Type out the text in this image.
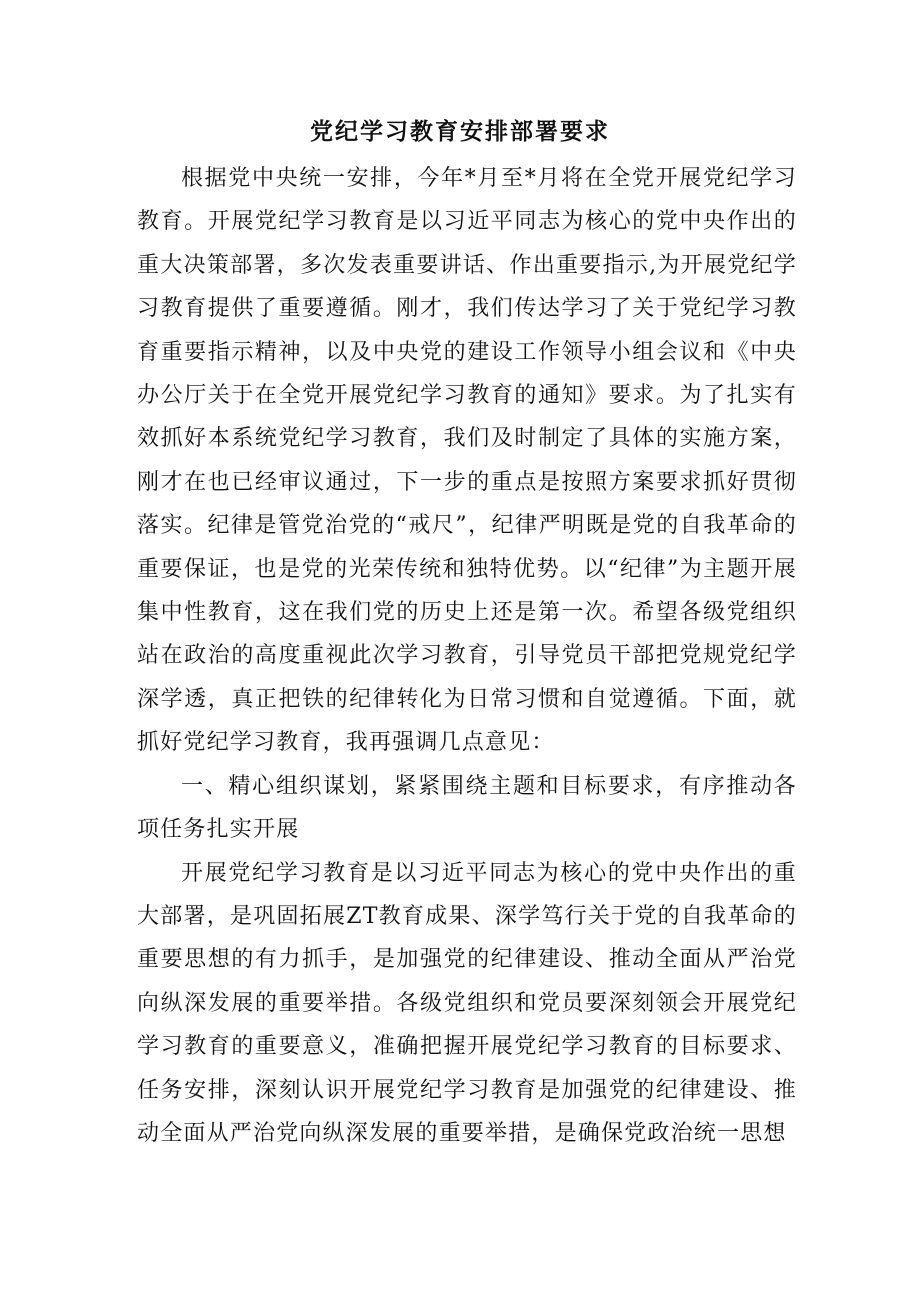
党纪学习教育安排部署要求

根据党中央统一安排，今年*月至*月将在全党开展党纪学习教育。开展党纪学习教育是以习近平同志为核心的党中央作出的重大决策部署，多次发表重要讲话、作出重要指示,为开展党纪学习教育提供了重要遵循。刚才，我们传达学习了关于党纪学习教育重要指示精神，以及中央党的建设工作领导小组会议和《中央办公厅关于在全党开展党纪学习教育的通知》要求。为了扎实有效抓好本系统党纪学习教育，我们及时制定了具体的实施方案，刚才在也已经审议通过，下一步的重点是按照方案要求抓好贯彻落实。纪律是管党治党的“戒尺”，纪律严明既是党的自我革命的重要保证，也是党的光荣传统和独特优势。以“纪律”为主题开展集中性教育，这在我们党的历史上还是第一次。希望各级党组织站在政治的高度重视此次学习教育，引导党员干部把党规党纪学深学透，真正把铁的纪律转化为日常习惯和自觉遵循。下面，就抓好党纪学习教育，我再强调几点意见：

一、精心组织谋划，紧紧围绕主题和目标要求，有序推动各项任务扎实开展

开展党纪学习教育是以习近平同志为核心的党中央作出的重大部署，是巩固拓展ZT教育成果、深学笃行关于党的自我革命的重要思想的有力抓手，是加强党的纪律建设、推动全面从严治党向纵深发展的重要举措。各级党组织和党员要深刻领会开展党纪学习教育的重要意义，准确把握开展党纪学习教育的目标要求、任务安排，深刻认识开展党纪学习教育是加强党的纪律建设、推动全面从严治党向纵深发展的重要举措，是确保党政治统一思想
